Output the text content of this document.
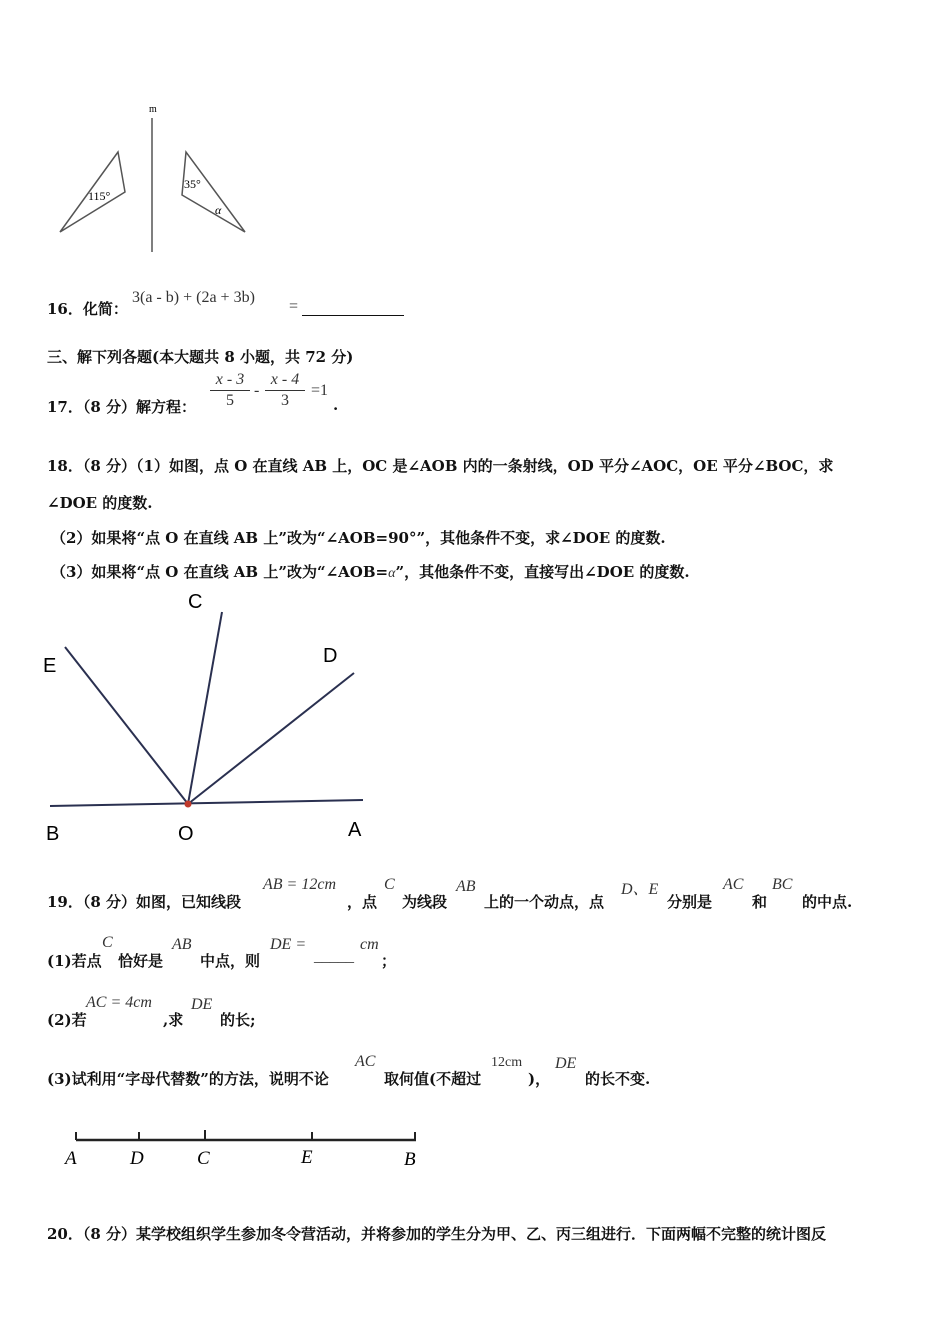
m
115°
35°
α
16．化简：
3(a - b) + (2a + 3b)
=
三、解下列各题(本大题共 8 小题，共 72 分)
17．（8 分）解方程：
x - 3
5
-
x - 4
3
=1
.
18．（8 分）（1）如图，点 O 在直线 AB 上，OC 是∠AOB 内的一条射线，OD 平分∠AOC，OE 平分∠BOC，求
∠DOE 的度数.
（2）如果将“点 O 在直线 AB 上”改为“∠AOB=90°”，其他条件不变，求∠DOE 的度数.
（3）如果将“点 O 在直线 AB 上”改为“∠AOB=α”，其他条件不变，直接写出∠DOE 的度数.
C
E	D
B	O	A
19．（8 分）如图，已知线段
AB = 12cm
，点
C
为线段
AB
上的一个动点，点
D、E
分别是
AC
和
BC
的中点.
(1)若点
C
恰好是
AB
中点，则
DE =
_____
cm
；
(2)若
AC = 4cm
,求
DE
的长;
(3)试利用“字母代替数”的方法，说明不论
AC
取何值(不超过
12cm
)，
DE
的长不变.
A	D	C	E	B
20．（8 分）某学校组织学生参加冬令营活动，并将参加的学生分为甲、乙、丙三组进行．下面两幅不完整的统计图反
